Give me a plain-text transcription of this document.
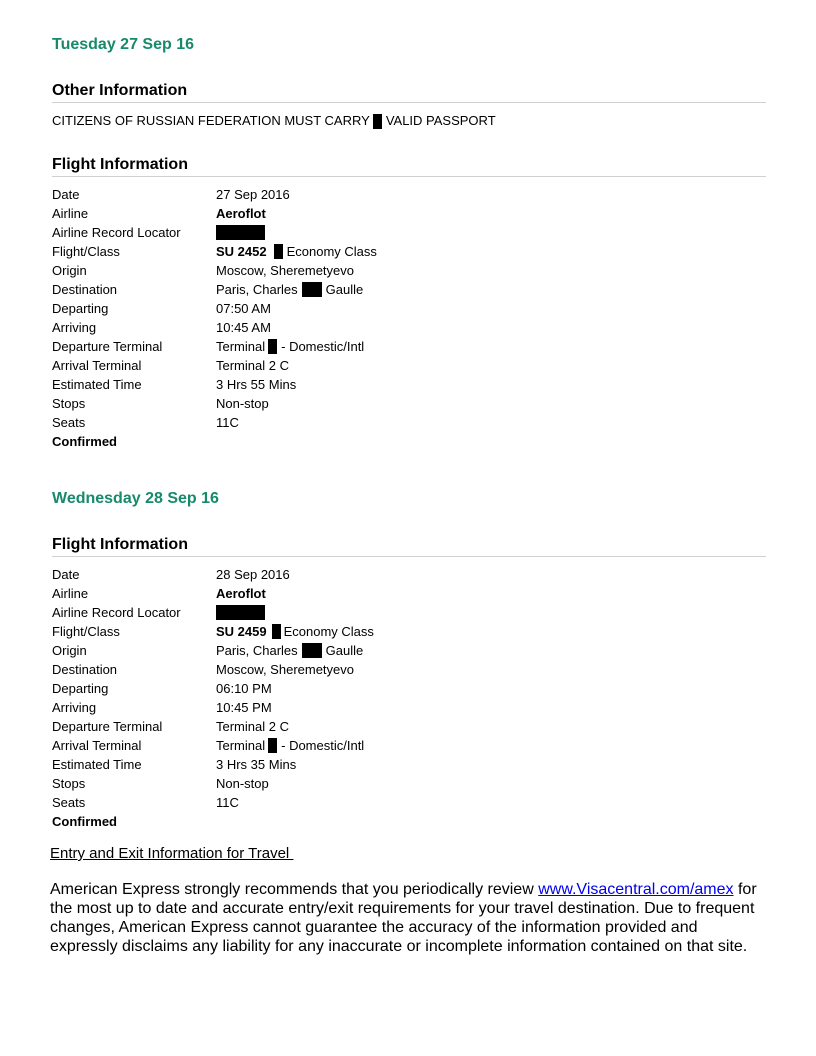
Tuesday 27 Sep 16
Other Information

CITIZENS OF RUSSIAN FEDERATION MUST CARRY VALID PASSPORT

Flight Information
Date	27 Sep 2016
Airline	Aeroflot
Airline Record Locator
Flight/Class	SU 2452 Economy Class
Origin	Moscow, Sheremetyevo
Destination	Paris, Charles Gaulle
Departing	07:50 AM
Arriving	10:45 AM
Departure Terminal	Terminal - Domestic/Intl
Arrival Terminal	Terminal 2 C
Estimated Time	3 Hrs 55 Mins
Stops	Non-stop
Seats	11C
Confirmed
Wednesday 28 Sep 16
Flight Information
Date	28 Sep 2016
Airline	Aeroflot
Airline Record Locator
Flight/Class	SU 2459 Economy Class
Origin	Paris, Charles Gaulle
Destination	Moscow, Sheremetyevo
Departing	06:10 PM
Arriving	10:45 PM
Departure Terminal	Terminal 2 C
Arrival Terminal	Terminal - Domestic/Intl
Estimated Time	3 Hrs 35 Mins
Stops	Non-stop
Seats	11C
Confirmed

Entry and Exit Information for Travel

American Express strongly recommends that you periodically review www.Visacentral.com/amex for the most up to date and accurate entry/exit requirements for your travel destination. Due to frequent changes, American Express cannot guarantee the accuracy of the information provided and expressly disclaims any liability for any inaccurate or incomplete information contained on that site.
